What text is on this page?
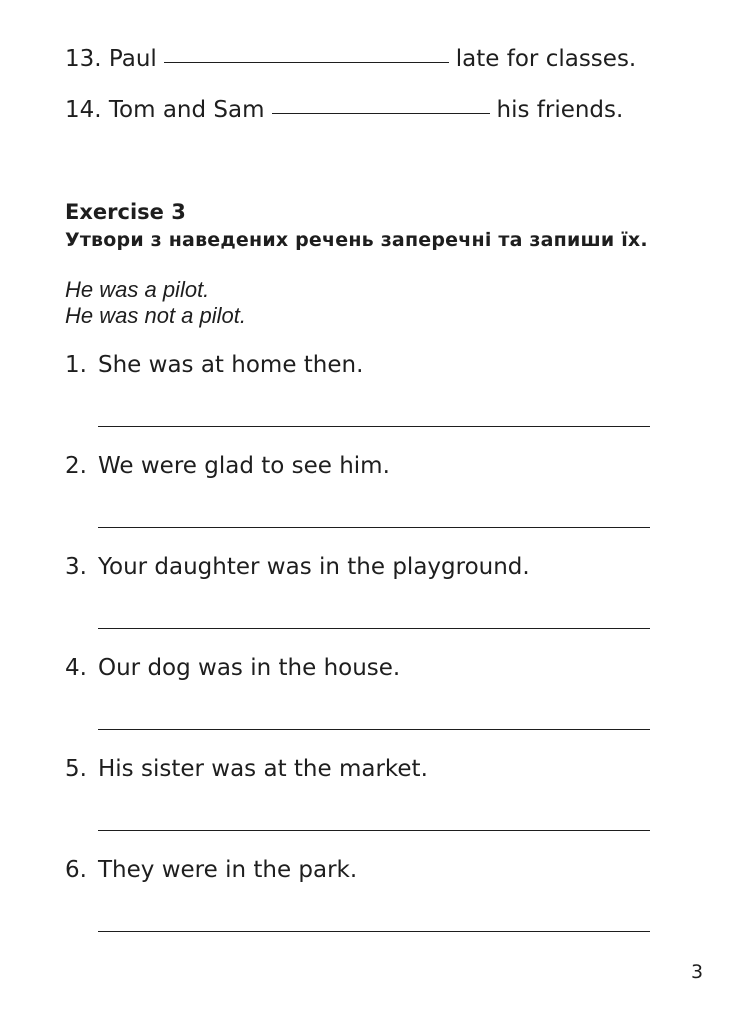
13.
Paul	late for classes.
14.
Tom and Sam	his friends.
Exercise 3
Утвори з наведених речень заперечні та запиши їх.
He was a pilot.
He was not a pilot.
1. She was at home then.
2. We were glad to see him.
3. Your daughter was in the playground.
4. Our dog was in the house.
5. His sister was at the market.
6. They were in the park.
3
